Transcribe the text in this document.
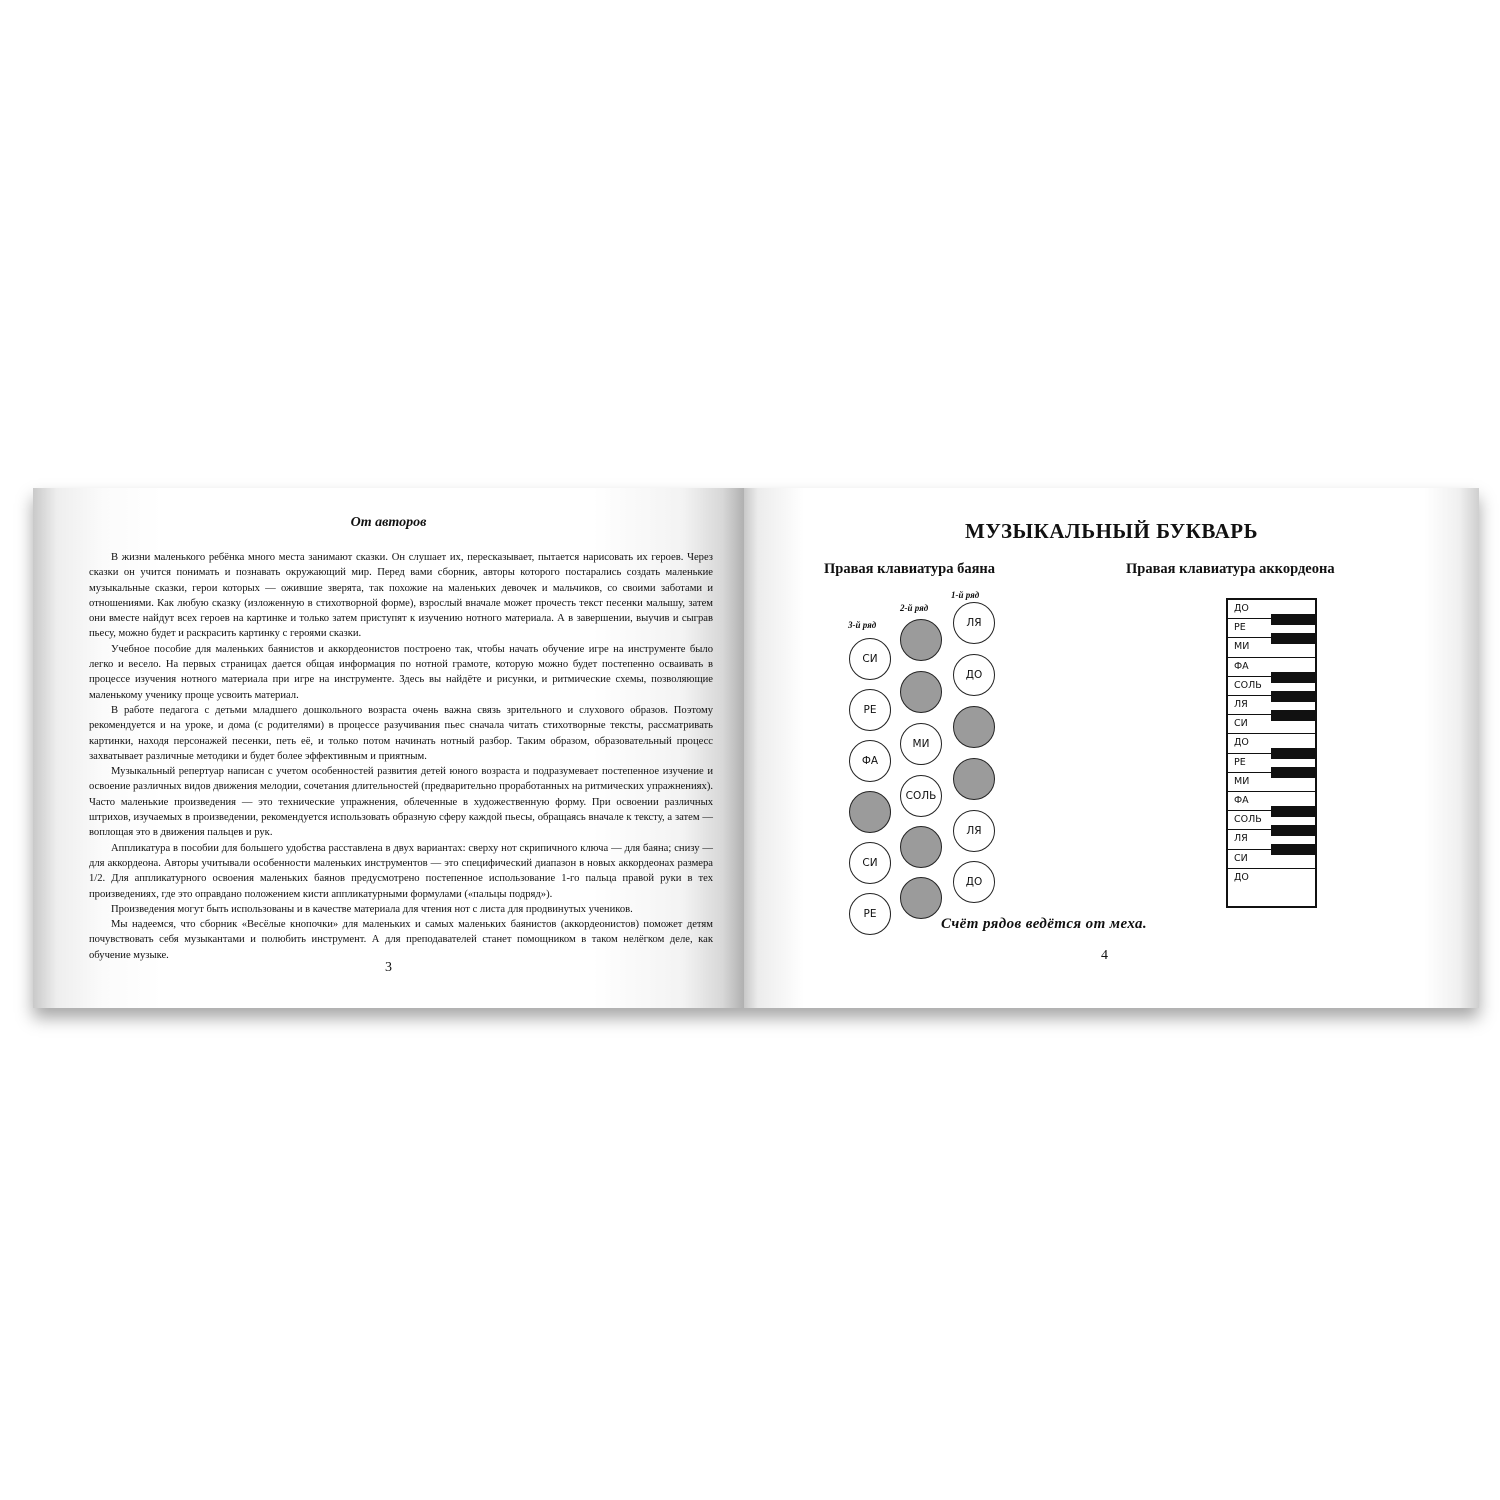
От авторов

В жизни маленького ребёнка много места занимают сказки. Он слушает их, пересказывает, пытается нарисовать их героев. Через сказки он учится понимать и познавать окружающий мир. Перед вами сборник, авторы которого постарались создать маленькие музыкальные сказки, герои которых — ожившие зверята, так похожие на маленьких девочек и мальчиков, со своими заботами и отношениями. Как любую сказку (изложенную в стихотворной форме), взрослый вначале может прочесть текст песенки малышу, затем они вместе найдут всех героев на картинке и только затем приступят к изучению нотного материала. А в завершении, выучив и сыграв пьесу, можно будет и раскрасить картинку с героями сказки.

Учебное пособие для маленьких баянистов и аккордеонистов построено так, чтобы начать обучение игре на инструменте было легко и весело. На первых страницах дается общая информация по нотной грамоте, которую можно будет постепенно осваивать в процессе изучения нотного материала при игре на инструменте. Здесь вы найдёте и рисунки, и ритмические схемы, позволяющие маленькому ученику проще усвоить материал.

В работе педагога с детьми младшего дошкольного возраста очень важна связь зрительного и слухового образов. Поэтому рекомендуется и на уроке, и дома (с родителями) в процессе разучивания пьес сначала читать стихотворные тексты, рассматривать картинки, находя персонажей песенки, петь её, и только потом начинать нотный разбор. Таким образом, образовательный процесс захватывает различные методики и будет более эффективным и приятным.

Музыкальный репертуар написан с учетом особенностей развития детей юного возраста и подразумевает постепенное изучение и освоение различных видов движения мелодии, сочетания длительностей (предварительно проработанных на ритмических упражнениях). Часто маленькие произведения — это технические упражнения, облеченные в художественную форму. При освоении различных штрихов, изучаемых в произведении, рекомендуется использовать образную сферу каждой пьесы, обращаясь вначале к тексту, а затем — воплощая это в движения пальцев и рук.

Аппликатура в пособии для большего удобства расставлена в двух вариантах: сверху нот скрипичного ключа — для баяна; снизу — для аккордеона. Авторы учитывали особенности маленьких инструментов — это специфический диапазон в новых аккордеонах размера 1/2. Для аппликатурного освоения маленьких баянов предусмотрено постепенное использование 1-го пальца правой руки в тех произведениях, где это оправдано положением кисти аппликатурными формулами («пальцы подряд»).

Произведения могут быть использованы и в качестве материала для чтения нот с листа для продвинутых учеников.

Мы надеемся, что сборник «Весёлые кнопочки» для маленьких и самых маленьких баянистов (аккордеонистов) поможет детям почувствовать себя музыкантами и полюбить инструмент. А для преподавателей станет помощником в таком нелёгком деле, как обучение музыке.

3
МУЗЫКАЛЬНЫЙ БУКВАРЬ
Правая клавиатура баяна	Правая клавиатура аккордеона
3-й ряд
2-й ряд
1-й ряд
СИ
РЕ
ФА
СИ
РЕ
МИ
СОЛЬ
ЛЯ
ДО
ЛЯ
ДО
ДО
РЕ
МИ
ФА
СОЛЬ
ЛЯ
СИ
ДО
РЕ
МИ
ФА
СОЛЬ
ЛЯ
СИ
ДО
Счёт рядов ведётся от меха.
4
